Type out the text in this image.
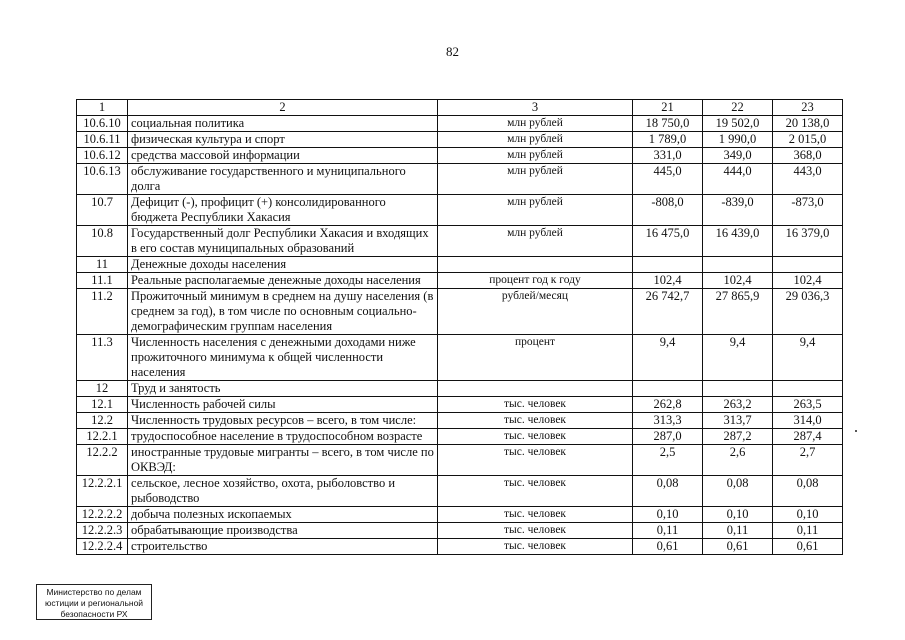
82
1	2	3	21	22	23
10.6.10	социальная политика	млн рублей	18 750,0	19 502,0	20 138,0
10.6.11	физическая культура и спорт	млн рублей	1 789,0	1 990,0	2 015,0
10.6.12	средства массовой информации	млн рублей	331,0	349,0	368,0
10.6.13	обслуживание государственного и муниципального долга	млн рублей	445,0	444,0	443,0
10.7	Дефицит (-), профицит (+) консолидированного бюджета Республики Хакасия	млн рублей	-808,0	-839,0	-873,0
10.8	Государственный долг Республики Хакасия и входящих в его состав муниципальных образований	млн рублей	16 475,0	16 439,0	16 379,0
11	Денежные доходы населения				
11.1	Реальные располагаемые денежные доходы населения	процент год к году	102,4	102,4	102,4
11.2	Прожиточный минимум в среднем на душу населения (в среднем за год), в том числе по основным социально-демографическим группам населения	рублей/месяц	26 742,7	27 865,9	29 036,3
11.3	Численность населения с денежными доходами ниже прожиточного минимума к общей численности населения	процент	9,4	9,4	9,4
12	Труд и занятость				
12.1	Численность рабочей силы	тыс. человек	262,8	263,2	263,5
12.2	Численность трудовых ресурсов – всего, в том числе:	тыс. человек	313,3	313,7	314,0
12.2.1	трудоспособное население в трудоспособном возрасте	тыс. человек	287,0	287,2	287,4
12.2.2	иностранные трудовые мигранты – всего, в том числе по ОКВЭД:	тыс. человек	2,5	2,6	2,7
12.2.2.1	сельское, лесное хозяйство, охота, рыболовство и рыбоводство	тыс. человек	0,08	0,08	0,08
12.2.2.2	добыча полезных ископаемых	тыс. человек	0,10	0,10	0,10
12.2.2.3	обрабатывающие производства	тыс. человек	0,11	0,11	0,11
12.2.2.4	строительство	тыс. человек	0,61	0,61	0,61
Министерство по делам
юстиции и региональной
безопасности РХ
